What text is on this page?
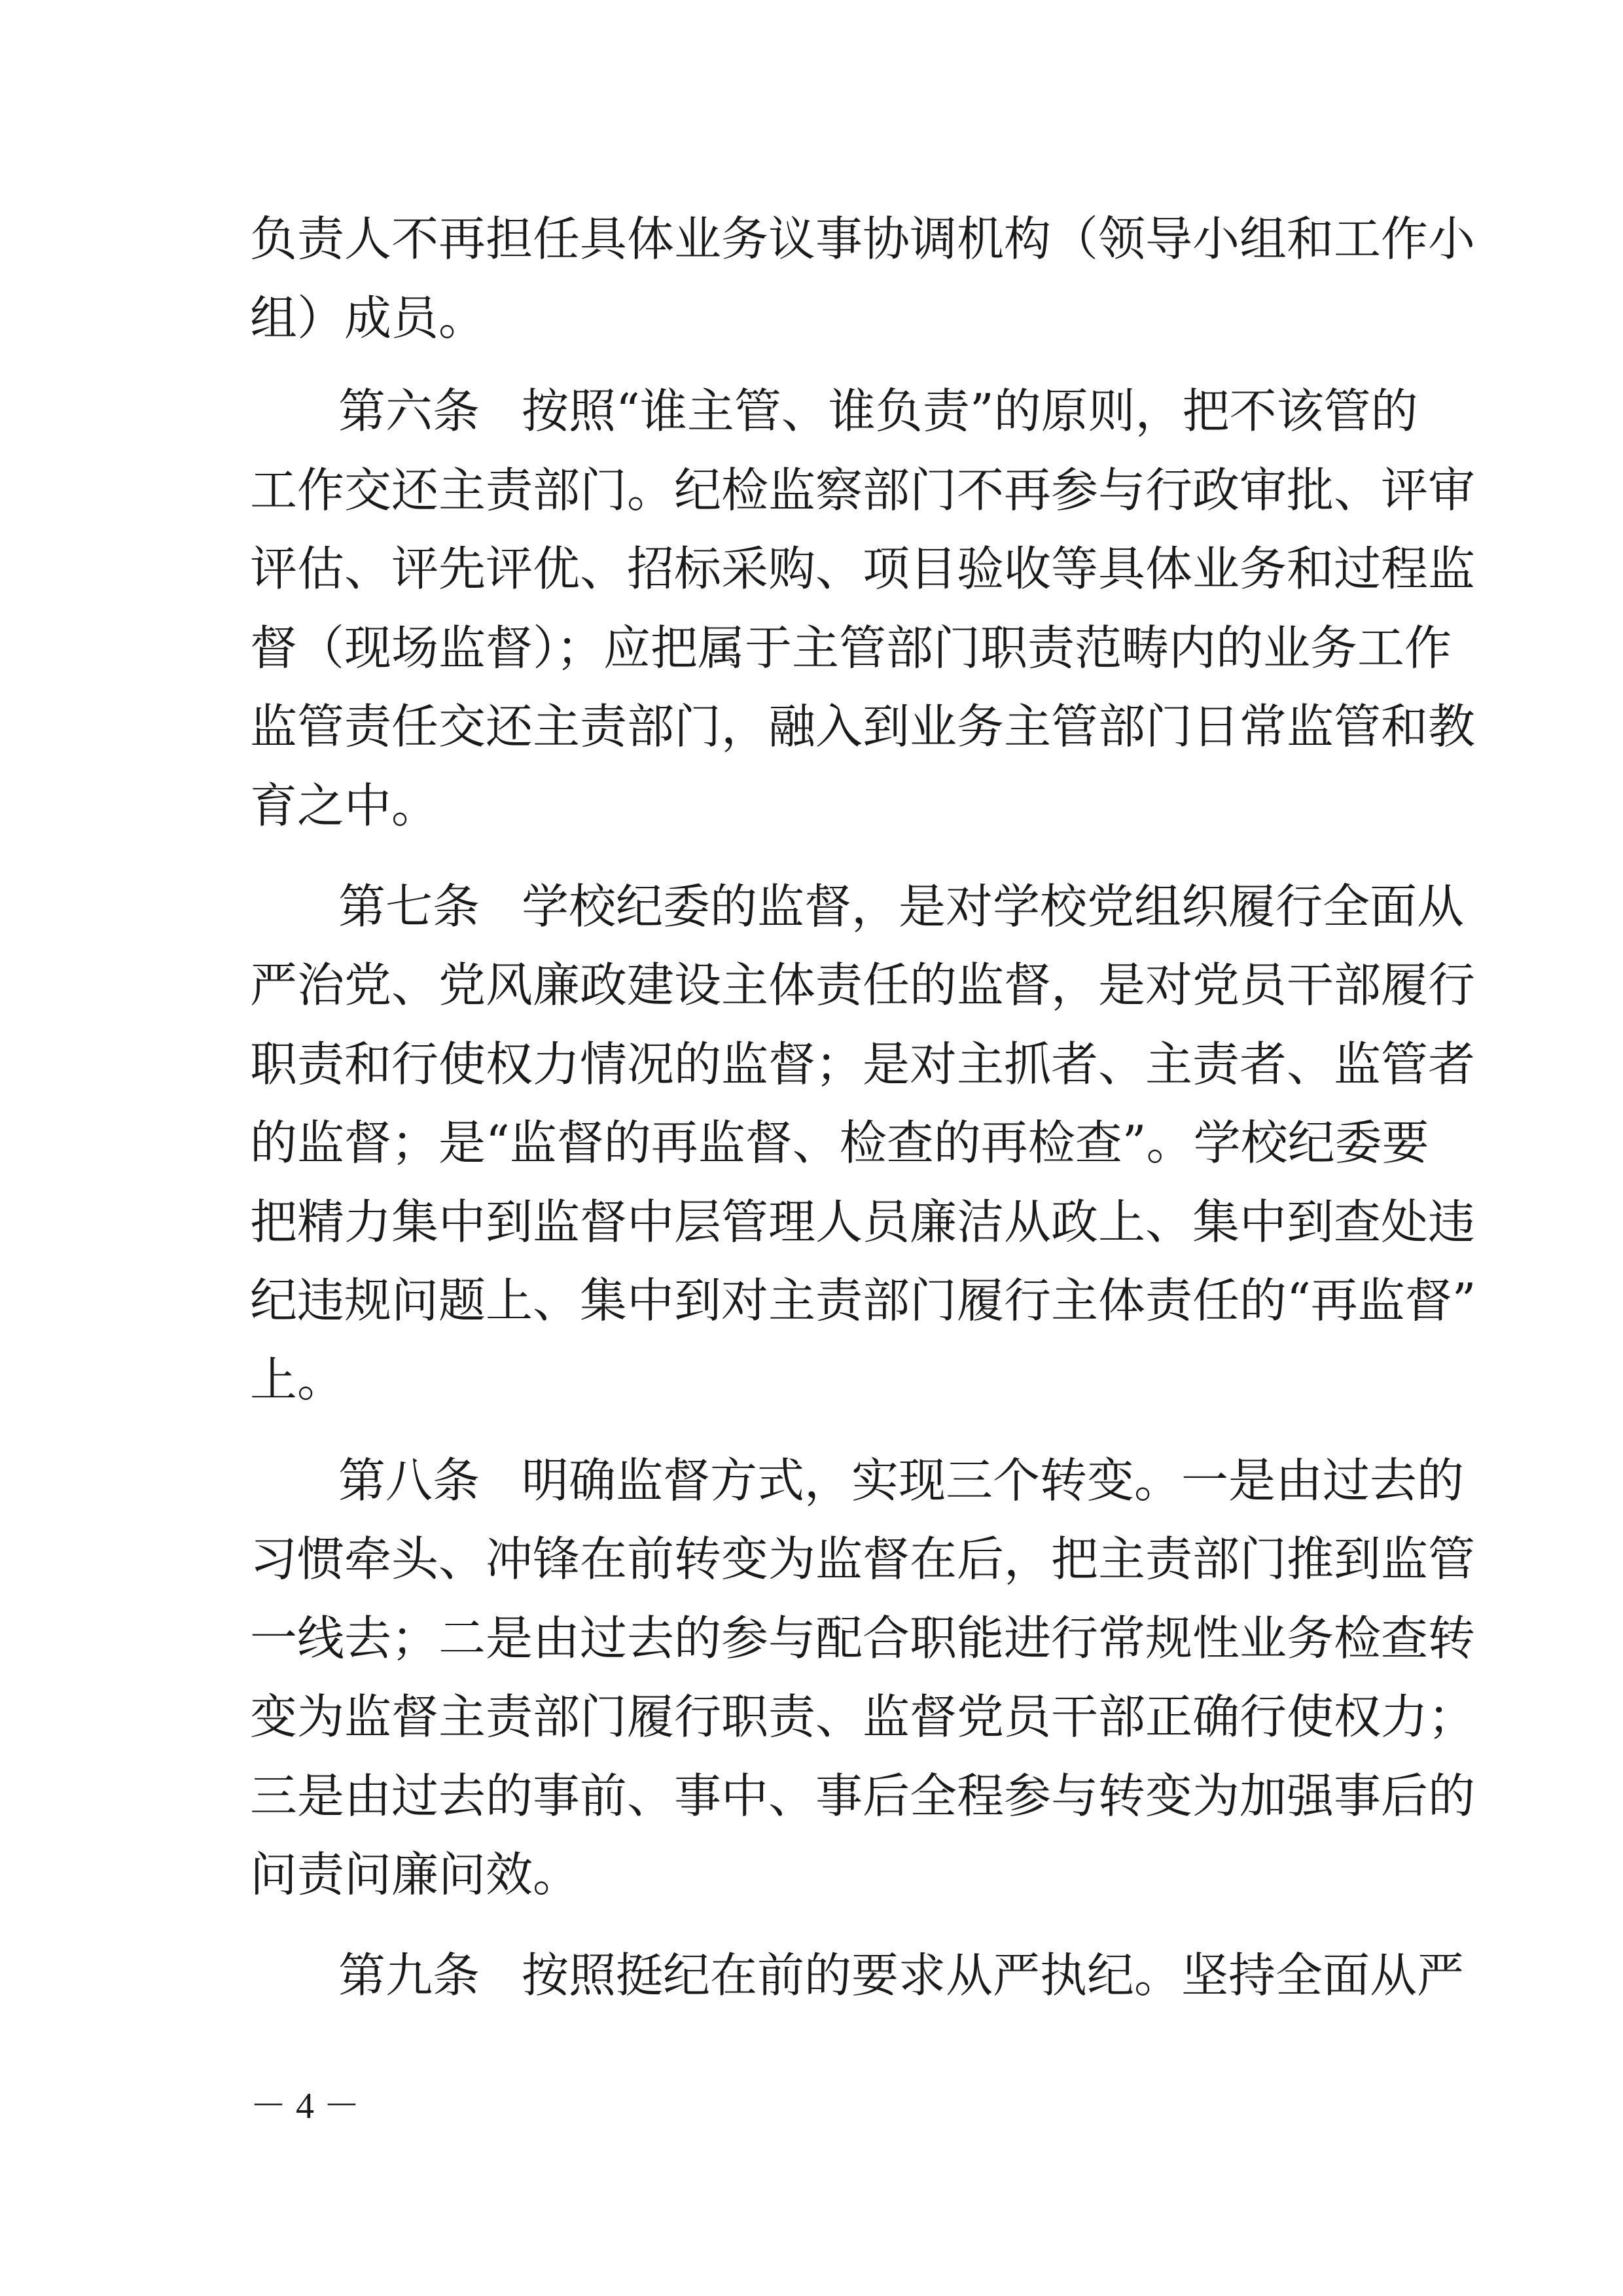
负责人不再担任具体业务议事协调机构（领导小组和工作小
组）成员。
第六条 按照“谁主管、谁负责”的原则，把不该管的
工作交还主责部门。纪检监察部门不再参与行政审批、评审
评估、评先评优、招标采购、项目验收等具体业务和过程监
督（现场监督）；应把属于主管部门职责范畴内的业务工作
监管责任交还主责部门，融入到业务主管部门日常监管和教
育之中。
第七条 学校纪委的监督，是对学校党组织履行全面从
严治党、党风廉政建设主体责任的监督，是对党员干部履行
职责和行使权力情况的监督；是对主抓者、主责者、监管者
的监督；是“监督的再监督、检查的再检查”。学校纪委要
把精力集中到监督中层管理人员廉洁从政上、集中到查处违
纪违规问题上、集中到对主责部门履行主体责任的“再监督”
上。
第八条 明确监督方式，实现三个转变。一是由过去的
习惯牵头、冲锋在前转变为监督在后，把主责部门推到监管
一线去；二是由过去的参与配合职能进行常规性业务检查转
变为监督主责部门履行职责、监督党员干部正确行使权力；
三是由过去的事前、事中、事后全程参与转变为加强事后的
问责问廉问效。
第九条 按照挺纪在前的要求从严执纪。坚持全面从严
－ 4 －
